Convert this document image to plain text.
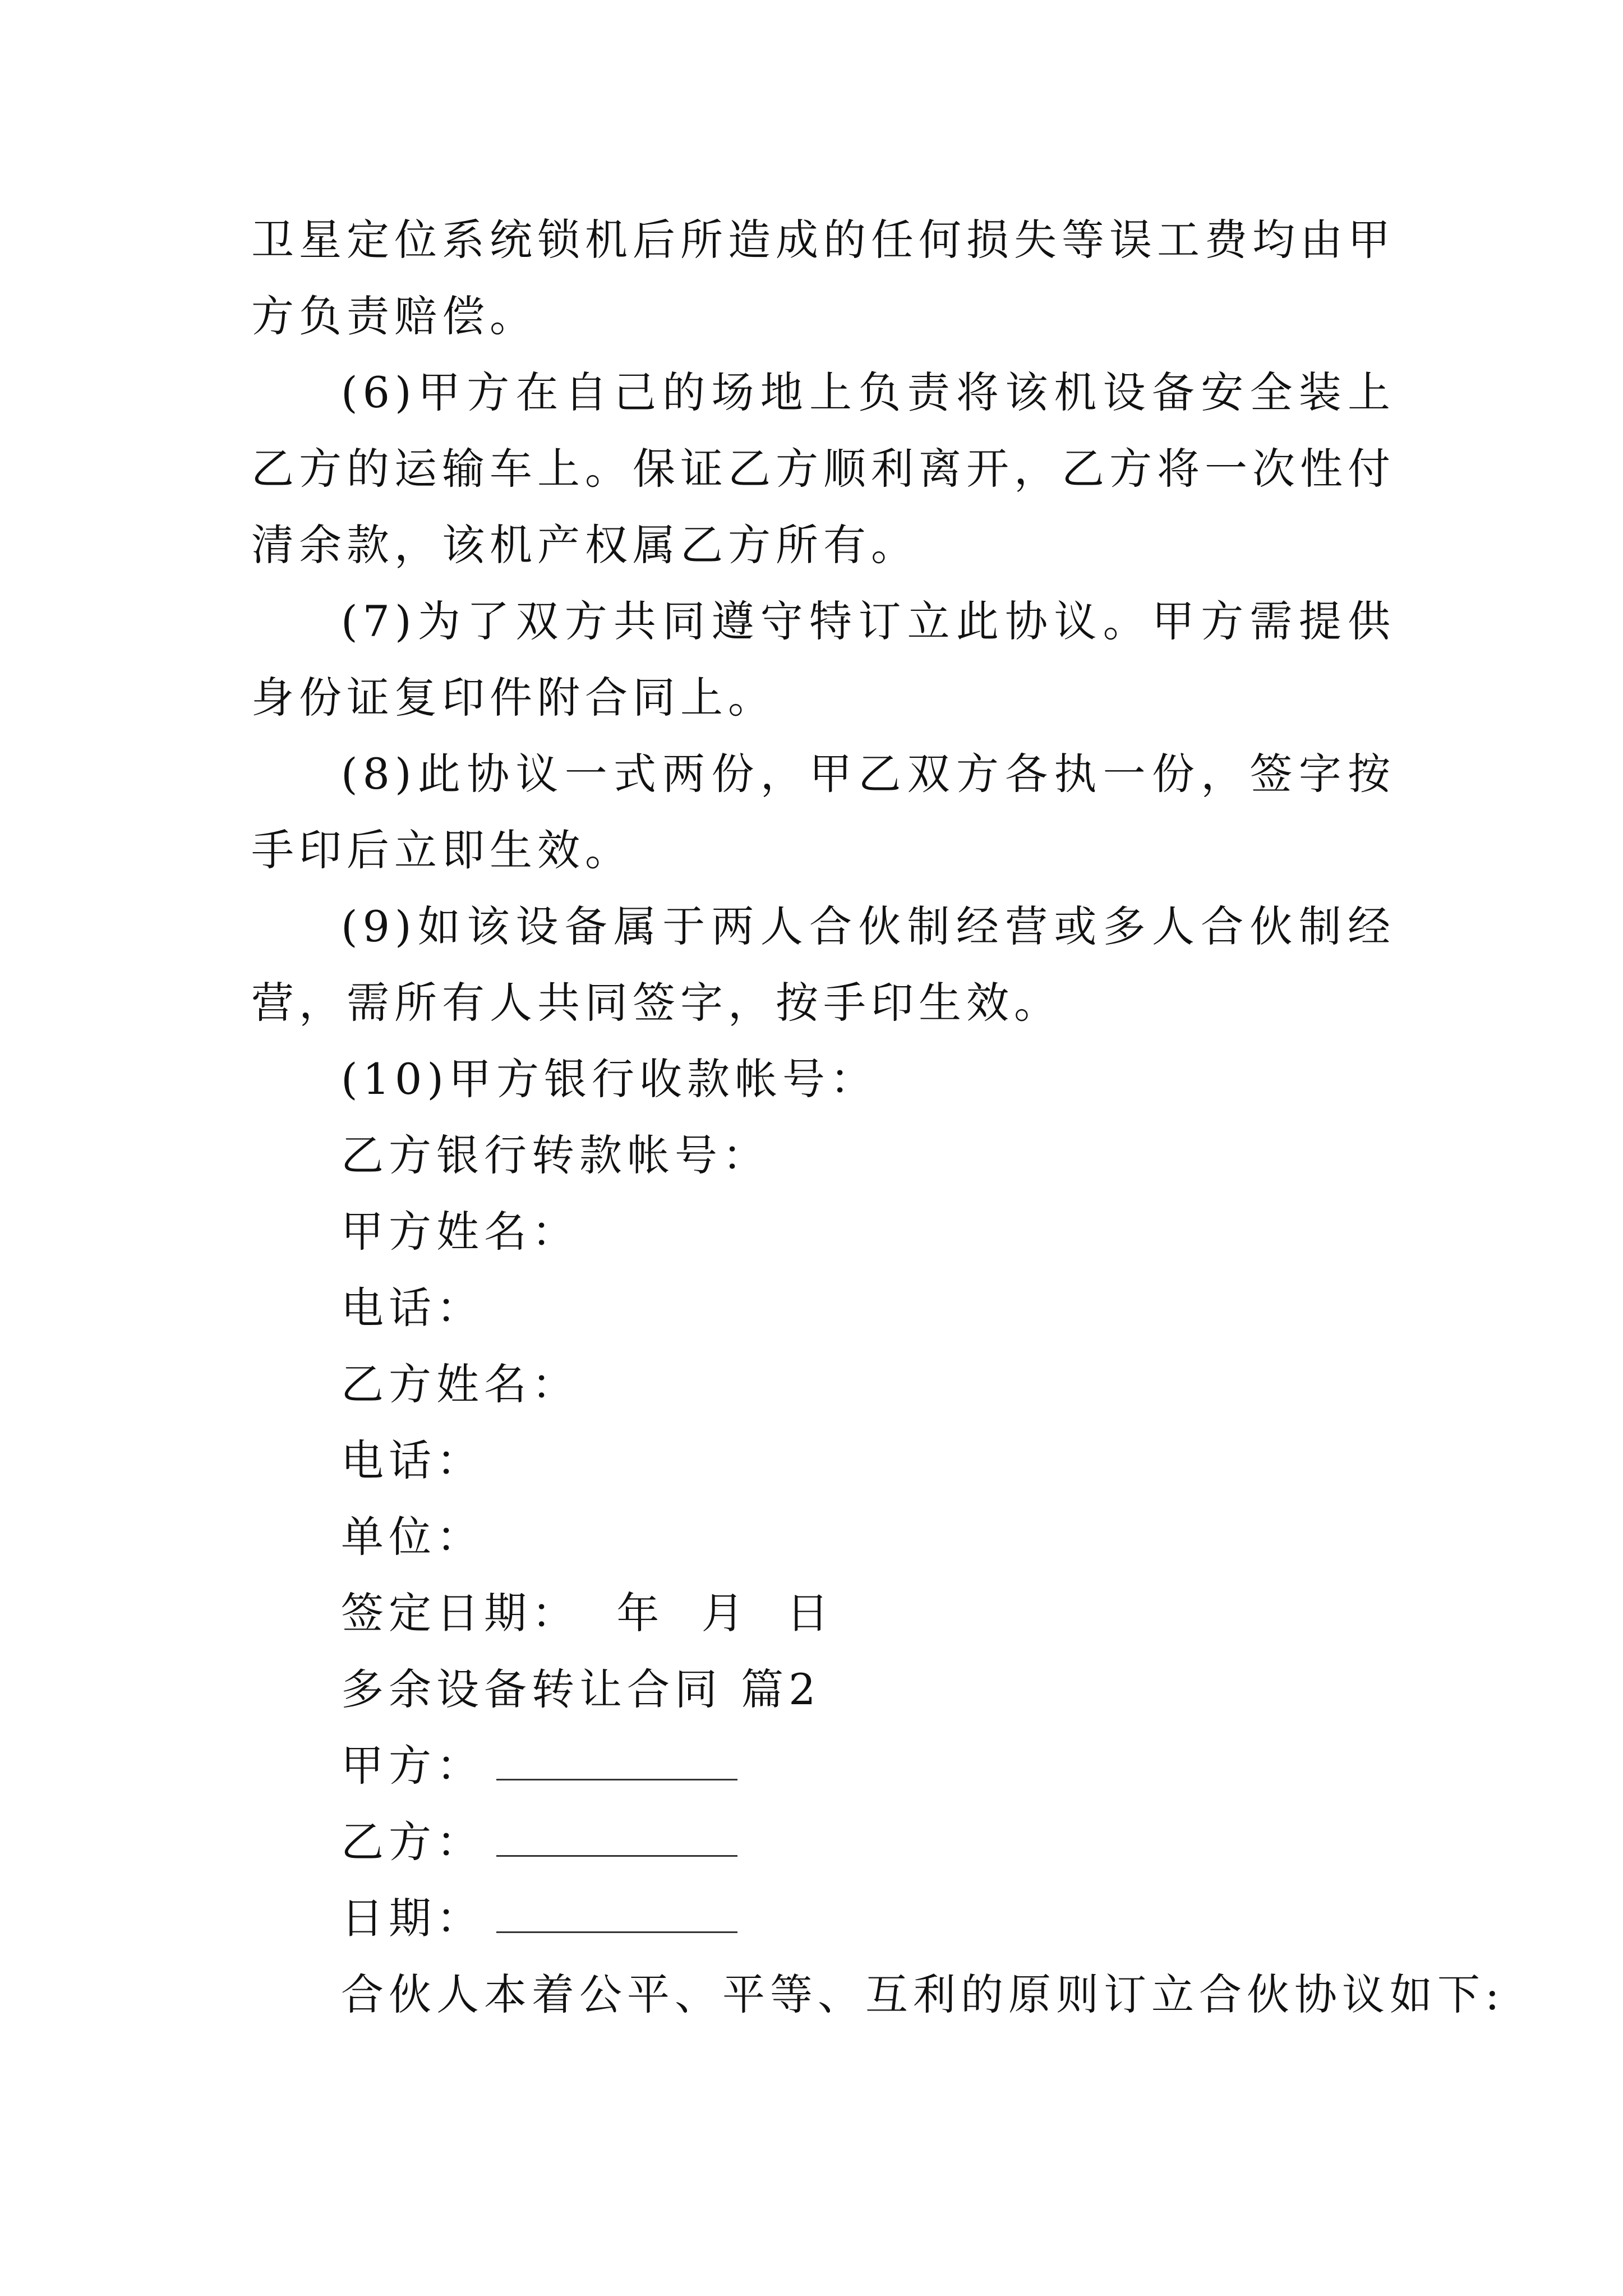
卫星定位系统锁机后所造成的任何损失等误工费均由甲方负责赔偿。

(6)甲方在自己的场地上负责将该机设备安全装上乙方的运输车上。保证乙方顺利离开，乙方将一次性付清余款，该机产权属乙方所有。

(7)为了双方共同遵守特订立此协议。甲方需提供身份证复印件附合同上。

(8)此协议一式两份，甲乙双方各执一份，签字按手印后立即生效。

(9)如该设备属于两人合伙制经营或多人合伙制经营，需所有人共同签字，按手印生效。

(10)甲方银行收款帐号：

乙方银行转款帐号：

甲方姓名：

电话：

乙方姓名：

电话：

单位：

签定日期：  年  月  日

多余设备转让合同 篇2

甲方：

乙方：

日期：

合伙人本着公平、平等、互利的原则订立合伙协议如下:
